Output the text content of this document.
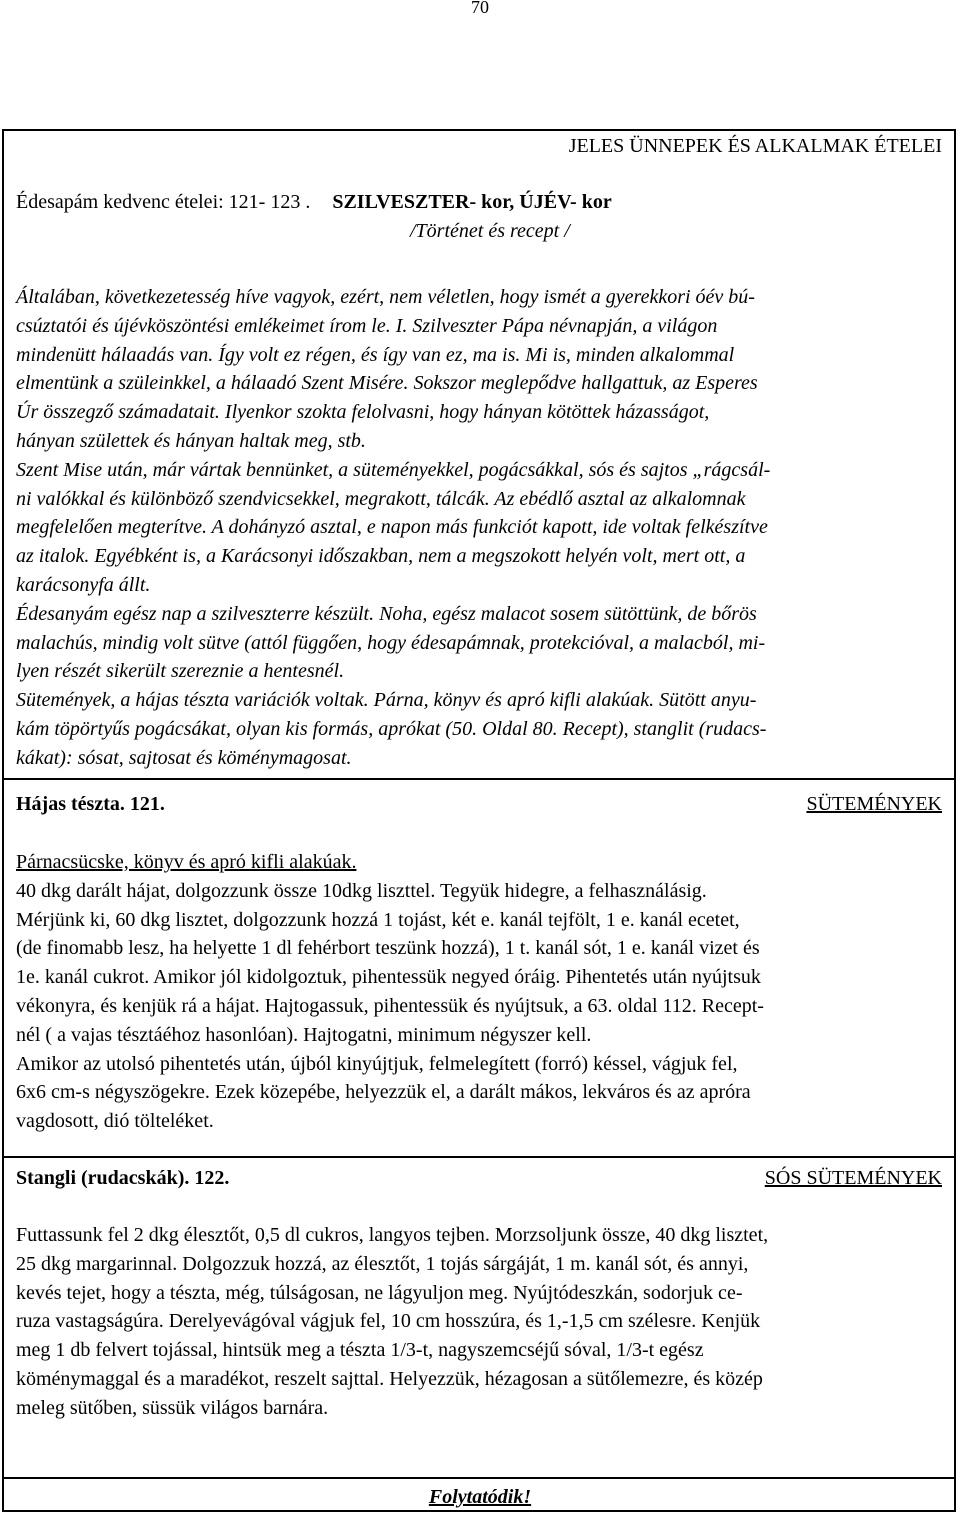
70
JELES ÜNNEPEK ÉS ALKALMAK ÉTELEI
Édesapám kedvenc ételei: 121- 123 . SZILVESZTER- kor, ÚJÉV- kor
/Történet és recept /
Általában, következetesség híve vagyok, ezért, nem véletlen, hogy ismét a gyerekkori óév bú-
csúztatói és újévköszöntési emlékeimet írom le. I. Szilveszter Pápa névnapján, a világon
mindenütt hálaadás van. Így volt ez régen, és így van ez, ma is. Mi is, minden alkalommal
elmentünk a szüleinkkel, a hálaadó Szent Misére. Sokszor meglepődve hallgattuk, az Esperes
Úr összegző számadatait. Ilyenkor szokta felolvasni, hogy hányan kötöttek házasságot,
hányan születtek és hányan haltak meg, stb.
Szent Mise után, már vártak bennünket, a süteményekkel, pogácsákkal, sós és sajtos „rágcsál-
ni valókkal és különböző szendvicsekkel, megrakott, tálcák. Az ebédlő asztal az alkalomnak
megfelelően megterítve. A dohányzó asztal, e napon más funkciót kapott, ide voltak felkészítve
az italok. Egyébként is, a Karácsonyi időszakban, nem a megszokott helyén volt, mert ott, a
karácsonyfa állt.
Édesanyám egész nap a szilveszterre készült. Noha, egész malacot sosem sütöttünk, de bőrös
malachús, mindig volt sütve (attól függően, hogy édesapámnak, protekcióval, a malacból, mi-
lyen részét sikerült szereznie a hentesnél.
Sütemények, a hájas tészta variációk voltak. Párna, könyv és apró kifli alakúak. Sütött anyu-
kám töpörtyűs pogácsákat, olyan kis formás, aprókat (50. Oldal 80. Recept), stanglit (rudacs-
kákat): sósat, sajtosat és köménymagosat.
Hájas tészta. 121.	SÜTEMÉNYEK
Párnacsücske, könyv és apró kifli alakúak.
40 dkg darált hájat, dolgozzunk össze 10dkg liszttel. Tegyük hidegre, a felhasználásig.
Mérjünk ki, 60 dkg lisztet, dolgozzunk hozzá 1 tojást, két e. kanál tejfölt, 1 e. kanál ecetet,
(de finomabb lesz, ha helyette 1 dl fehérbort teszünk hozzá), 1 t. kanál sót, 1 e. kanál vizet és
1e. kanál cukrot. Amikor jól kidolgoztuk, pihentessük negyed óráig. Pihentetés után nyújtsuk
vékonyra, és kenjük rá a hájat. Hajtogassuk, pihentessük és nyújtsuk, a 63. oldal 112. Recept-
nél ( a vajas tésztáéhoz hasonlóan). Hajtogatni, minimum négyszer kell.
Amikor az utolsó pihentetés után, újból kinyújtjuk, felmelegített (forró) késsel, vágjuk fel,
6x6 cm-s négyszögekre. Ezek közepébe, helyezzük el, a darált mákos, lekváros és az apróra
vagdosott, dió tölteléket.
Stangli (rudacskák). 122.	SÓS SÜTEMÉNYEK
Futtassunk fel 2 dkg élesztőt, 0,5 dl cukros, langyos tejben. Morzsoljunk össze, 40 dkg lisztet,
25 dkg margarinnal. Dolgozzuk hozzá, az élesztőt, 1 tojás sárgáját, 1 m. kanál sót, és annyi,
kevés tejet, hogy a tészta, még, túlságosan, ne lágyuljon meg. Nyújtódeszkán, sodorjuk ce-
ruza vastagságúra. Derelyevágóval vágjuk fel, 10 cm hosszúra, és 1,-1,5 cm szélesre. Kenjük
meg 1 db felvert tojással, hintsük meg a tészta 1/3-t, nagyszemcséjű sóval, 1/3-t egész
köménymaggal és a maradékot, reszelt sajttal. Helyezzük, hézagosan a sütőlemezre, és közép
meleg sütőben, süssük világos barnára.
Folytatódik!
